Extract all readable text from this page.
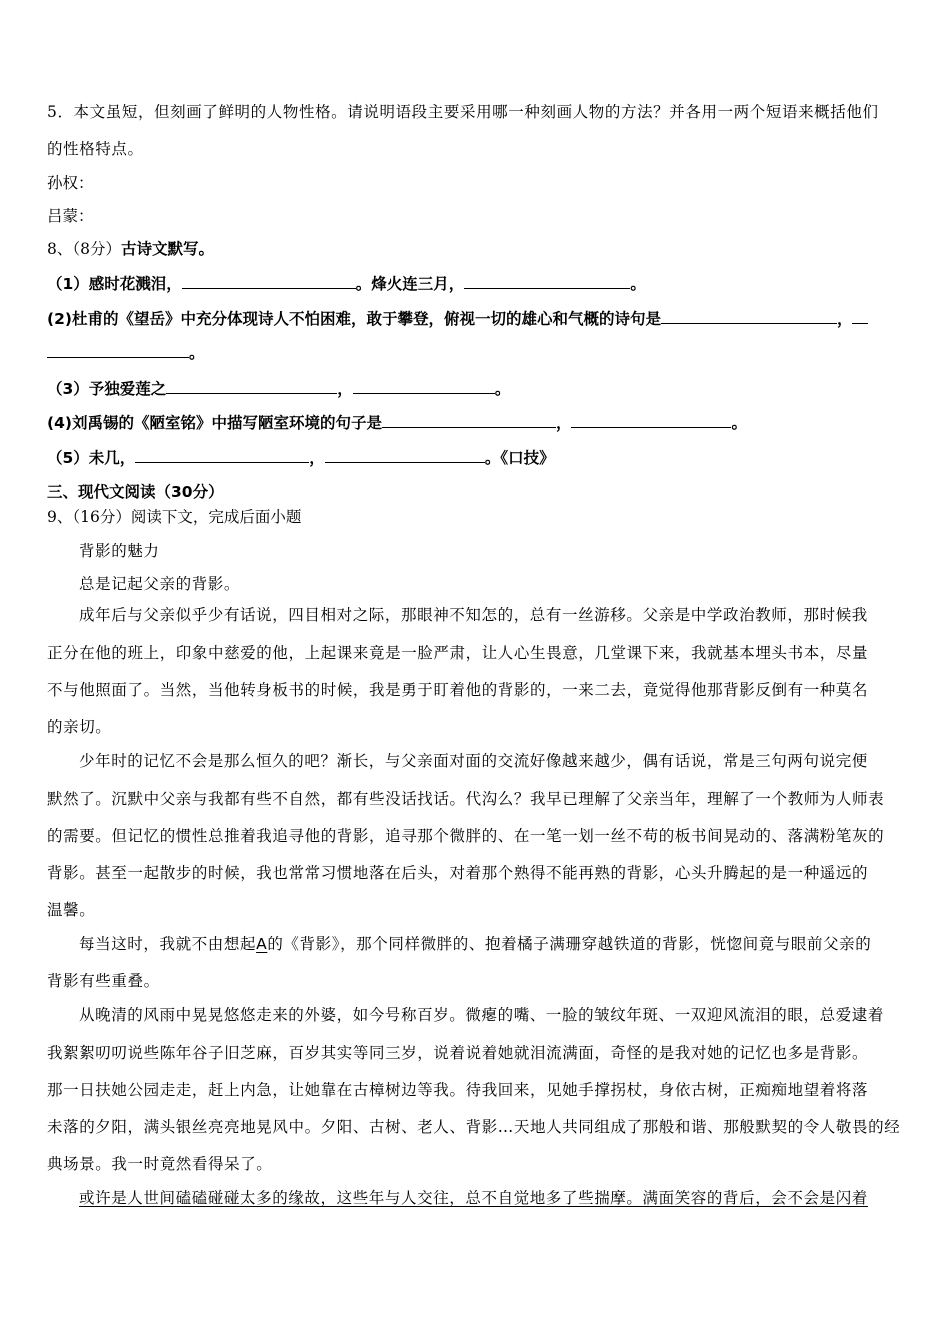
5．本文虽短，但刻画了鲜明的人物性格。请说明语段主要采用哪一种刻画人物的方法？并各用一两个短语来概括他们
的性格特点。
孙权：
吕蒙：
8、（8分）古诗文默写。
（1）感时花溅泪，	。烽火连三月，	。
(2)杜甫的《望岳》中充分体现诗人不怕困难，敢于攀登，俯视一切的雄心和气概的诗句是	，
。
（3）予独爱莲之	，	。
(4)刘禹锡的《陋室铭》中描写陋室环境的句子是	，	。
（5）未几，	，	。《口技》
三、现代文阅读（30分）
9、（16分）阅读下文，完成后面小题
背影的魅力
总是记起父亲的背影。
成年后与父亲似乎少有话说，四目相对之际，那眼神不知怎的，总有一丝游移。父亲是中学政治教师，那时候我
正分在他的班上，印象中慈爱的他，上起课来竟是一脸严肃，让人心生畏意，几堂课下来，我就基本埋头书本，尽量
不与他照面了。当然，当他转身板书的时候，我是勇于盯着他的背影的，一来二去，竟觉得他那背影反倒有一种莫名
的亲切。
少年时的记忆不会是那么恒久的吧？渐长，与父亲面对面的交流好像越来越少，偶有话说，常是三句两句说完便
默然了。沉默中父亲与我都有些不自然，都有些没话找话。代沟么？我早已理解了父亲当年，理解了一个教师为人师表
的需要。但记忆的惯性总推着我追寻他的背影，追寻那个微胖的、在一笔一划一丝不苟的板书间晃动的、落满粉笔灰的
背影。甚至一起散步的时候，我也常常习惯地落在后头，对着那个熟得不能再熟的背影，心头升腾起的是一种遥远的
温馨。
每当这时，我就不由想起A的《背影》，那个同样微胖的、抱着橘子满珊穿越铁道的背影，恍惚间竟与眼前父亲的
背影有些重叠。
从晚清的风雨中晃晃悠悠走来的外婆，如今号称百岁。微瘪的嘴、一脸的皱纹年斑、一双迎风流泪的眼，总爱逮着
我絮絮叨叨说些陈年谷子旧芝麻，百岁其实等同三岁，说着说着她就泪流满面，奇怪的是我对她的记忆也多是背影。
那一日扶她公园走走，赶上内急，让她靠在古樟树边等我。待我回来，见她手撑拐杖，身依古树，正痴痴地望着将落
未落的夕阳，满头银丝亮亮地晃风中。夕阳、古树、老人、背影…天地人共同组成了那般和谐、那般默契的令人敬畏的经
典场景。我一时竟然看得呆了。
或许是人世间磕磕碰碰太多的缘故，这些年与人交往，总不自觉地多了些揣摩。满面笑容的背后，会不会是闪着
